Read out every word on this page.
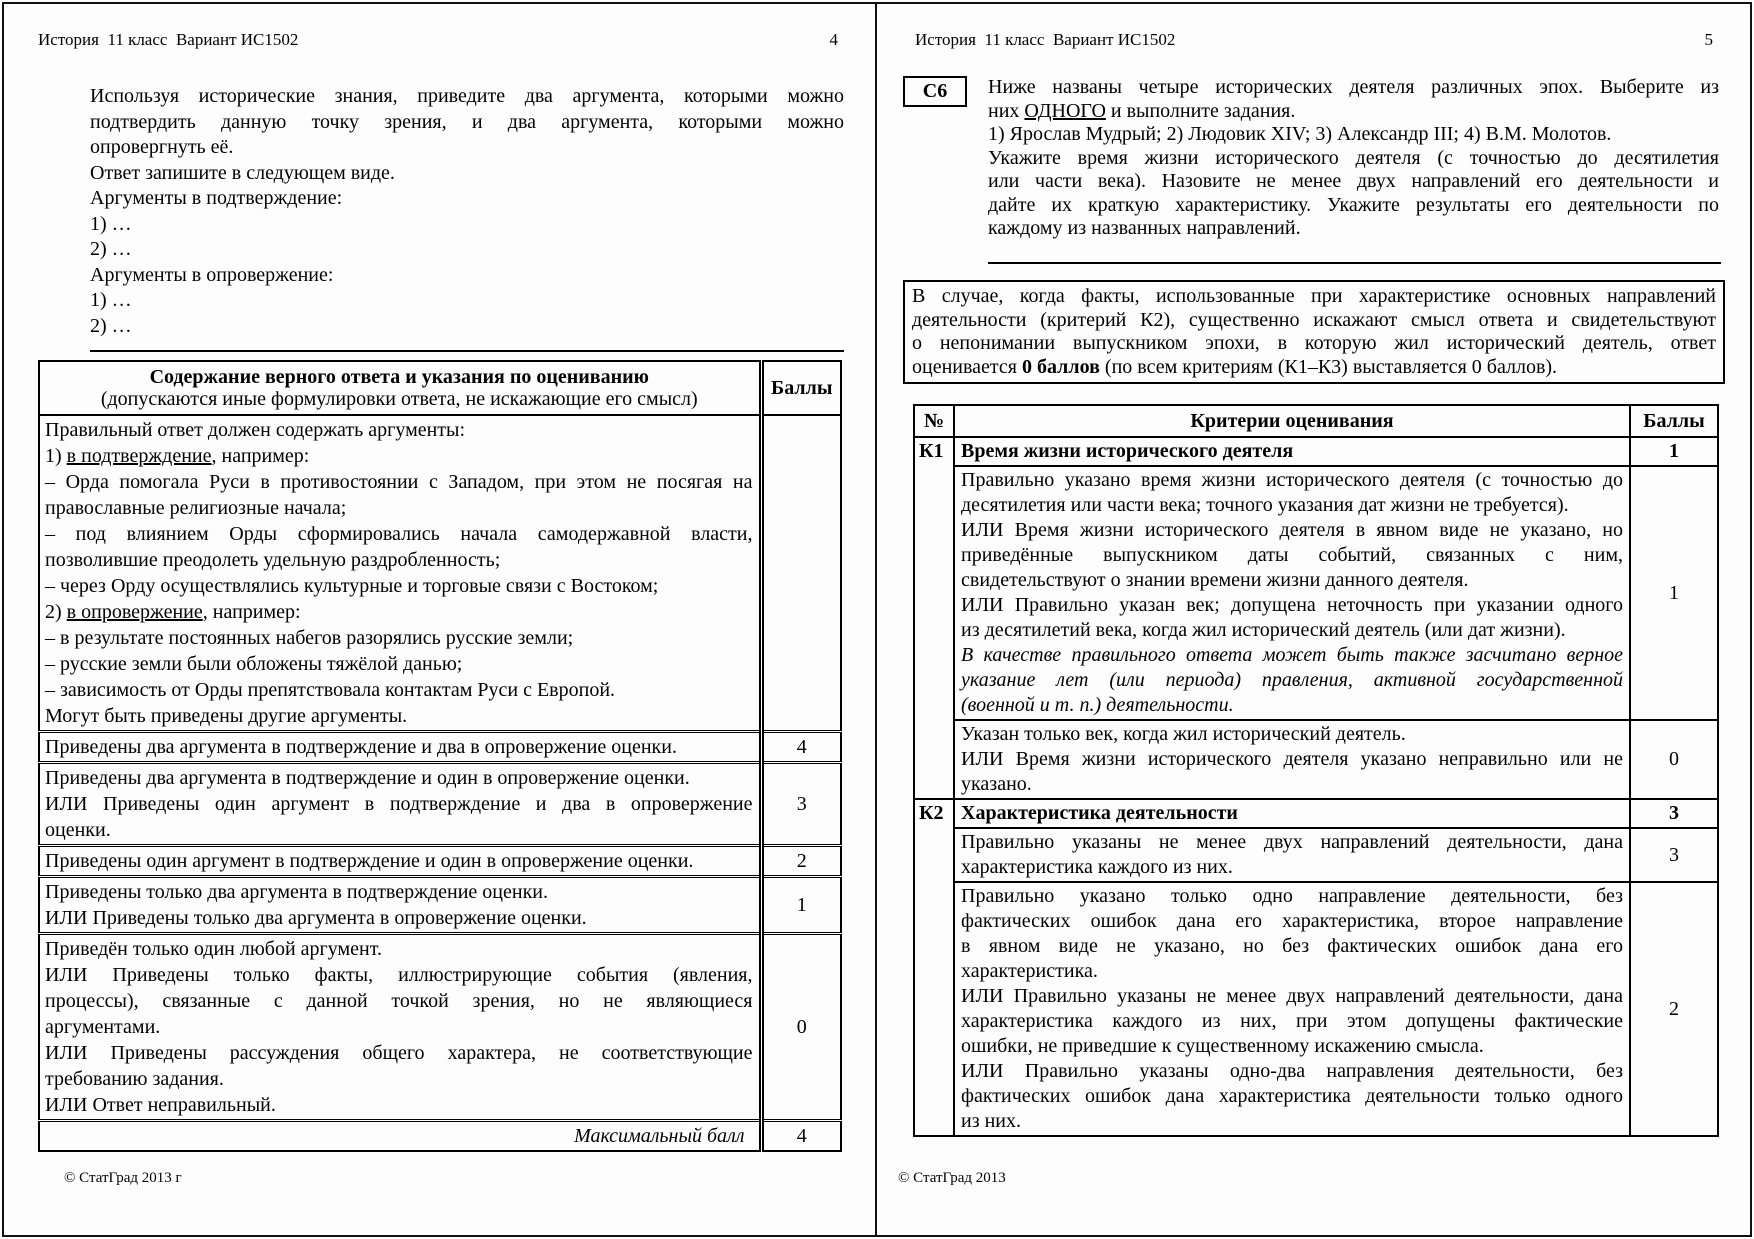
История  11 класс  Вариант ИС1502	4
Используя исторические знания, приведите два аргумента, которыми можно
подтвердить данную точку зрения, и два аргумента, которыми можно
опровергнуть её.
Ответ запишите в следующем виде.
Аргументы в подтверждение:
1) …
2) …
Аргументы в опровержение:
1) …
2) …
Содержание верного ответа и указания по оцениванию
(допускаются иные формулировки ответа, не искажающие его смысл)	Баллы

Правильный ответ должен содержать аргументы:
1) в подтверждение, например:
– Орда помогала Руси в противостоянии с Западом, при этом не посягая на
православные религиозные начала;
– под влиянием Орды сформировались начала самодержавной власти,
позволившие преодолеть удельную раздробленность;
– через Орду осуществлялись культурные и торговые связи с Востоком;
2) в опровержение, например:
– в результате постоянных набегов разорялись русские земли;
– русские земли были обложены тяжёлой данью;
– зависимость от Орды препятствовала контактам Руси с Европой.
Могут быть приведены другие аргументы.

Приведены два аргумента в подтверждение и два в опровержение оценки.	4

Приведены два аргумента в подтверждение и один в опровержение оценки.
ИЛИ Приведены один аргумент в подтверждение и два в опровержение
оценки.	3

Приведены один аргумент в подтверждение и один в опровержение оценки.	2

Приведены только два аргумента в подтверждение оценки.
ИЛИ Приведены только два аргумента в опровержение оценки.	1

Приведён только один любой аргумент.
ИЛИ Приведены только факты, иллюстрирующие события (явления,
процессы), связанные с данной точкой зрения, но не являющиеся
аргументами.
ИЛИ Приведены рассуждения общего характера, не соответствующие
требованию задания.
ИЛИ Ответ неправильный.
	0

Максимальный балл	4
© СтатГрад 2013 г
История  11 класс  Вариант ИС1502	5
С6	Ниже названы четыре исторических деятеля различных эпох. Выберите из
них ОДНОГО и выполните задания.
1) Ярослав Мудрый; 2) Людовик XIV; 3) Александр III; 4) В.М. Молотов.
Укажите время жизни исторического деятеля (с точностью до десятилетия
или части века). Назовите не менее двух направлений его деятельности и
дайте их краткую характеристику. Укажите результаты его деятельности по
каждому из названных направлений.
В случае, когда факты, использованные при характеристике основных направлений
деятельности (критерий К2), существенно искажают смысл ответа и свидетельствуют
о непонимании выпускником эпохи, в которую жил исторический деятель, ответ
оценивается 0 баллов (по всем критериям (К1–К3) выставляется 0 баллов).
№	Критерии оценивания	Баллы
К1	Время жизни исторического деятеля	1

Правильно указано время жизни исторического деятеля (с точностью до
десятилетия или части века; точного указания дат жизни не требуется).
ИЛИ Время жизни исторического деятеля в явном виде не указано, но
приведённые выпускником даты событий, связанных с ним,
свидетельствуют о знании времени жизни данного деятеля.
ИЛИ Правильно указан век; допущена неточность при указании одного
из десятилетий века, когда жил исторический деятель (или дат жизни).
В качестве правильного ответа может быть также засчитано верное
указание лет (или периода) правления, активной государственной
(военной и т. п.) деятельности.
	1

	Указан только век, когда жил исторический деятель.
ИЛИ Время жизни исторического деятеля указано неправильно или не
указано.	0
К2	Характеристика деятельности	3

	Правильно указаны не менее двух направлений деятельности, дана
характеристика каждого из них.	3

Правильно указано только одно направление деятельности, без
фактических ошибок дана его характеристика, второе направление
в явном виде не указано, но без фактических ошибок дана его
характеристика.
ИЛИ Правильно указаны не менее двух направлений деятельности, дана
характеристика каждого из них, при этом допущены фактические
ошибки, не приведшие к существенному искажению смысла.
ИЛИ Правильно указаны одно-два направления деятельности, без
фактических ошибок дана характеристика деятельности только одного
из них.
	2
© СтатГрад 2013
